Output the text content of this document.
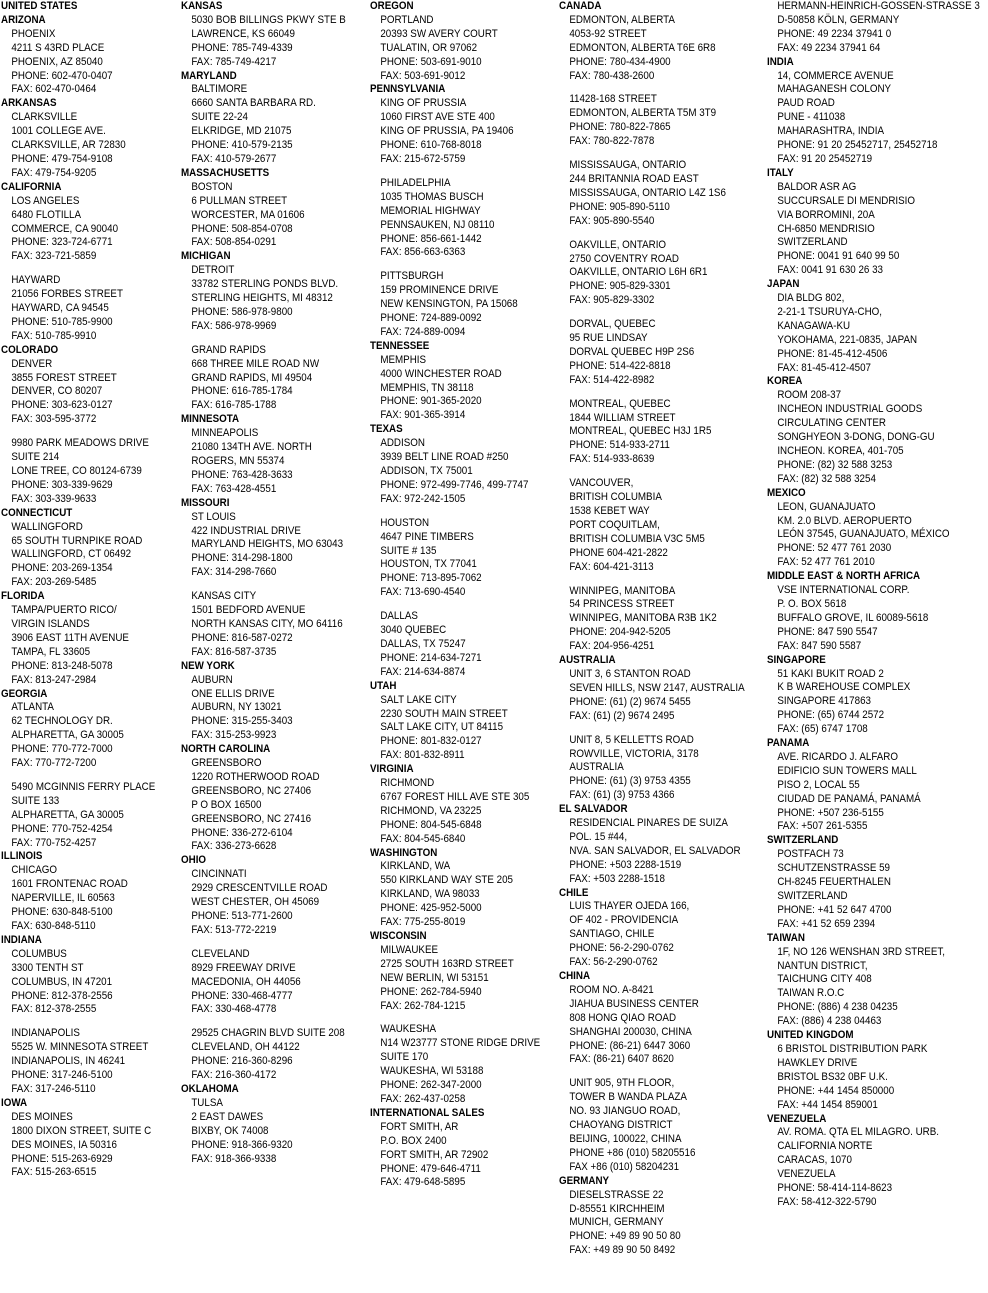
UNITED STATES
ARIZONA
PHOENIX
4211 S 43RD PLACE
PHOENIX, AZ 85040
PHONE: 602-470-0407
FAX: 602-470-0464
ARKANSAS
CLARKSVILLE
1001 COLLEGE AVE.
CLARKSVILLE, AR 72830
PHONE: 479-754-9108
FAX: 479-754-9205
CALIFORNIA
LOS ANGELES
6480 FLOTILLA
COMMERCE, CA 90040
PHONE: 323-724-6771
FAX: 323-721-5859
HAYWARD
21056 FORBES STREET
HAYWARD, CA 94545
PHONE: 510-785-9900
FAX: 510-785-9910
COLORADO
DENVER
3855 FOREST STREET
DENVER, CO 80207
PHONE: 303-623-0127
FAX: 303-595-3772
9980 PARK MEADOWS DRIVE
SUITE 214
LONE TREE, CO 80124-6739
PHONE: 303-339-9629
FAX: 303-339-9633
CONNECTICUT
WALLINGFORD
65 SOUTH TURNPIKE ROAD
WALLINGFORD, CT 06492
PHONE: 203-269-1354
FAX: 203-269-5485
FLORIDA
TAMPA/PUERTO RICO/
VIRGIN ISLANDS
3906 EAST 11TH AVENUE
TAMPA, FL 33605
PHONE: 813-248-5078
FAX: 813-247-2984
GEORGIA
ATLANTA
62 TECHNOLOGY DR.
ALPHARETTA, GA 30005
PHONE: 770-772-7000
FAX: 770-772-7200
5490 MCGINNIS FERRY PLACE
SUITE 133
ALPHARETTA, GA 30005
PHONE: 770-752-4254
FAX: 770-752-4257
ILLINOIS
CHICAGO
1601 FRONTENAC ROAD
NAPERVILLE, IL 60563
PHONE: 630-848-5100
FAX: 630-848-5110
INDIANA
COLUMBUS
3300 TENTH ST
COLUMBUS, IN 47201
PHONE: 812-378-2556
FAX: 812-378-2555
INDIANAPOLIS
5525 W. MINNESOTA STREET
INDIANAPOLIS, IN 46241
PHONE: 317-246-5100
FAX: 317-246-5110
IOWA
DES MOINES
1800 DIXON STREET, SUITE C
DES MOINES, IA 50316
PHONE: 515-263-6929
FAX: 515-263-6515
KANSAS
5030 BOB BILLINGS PKWY STE B
LAWRENCE, KS 66049
PHONE: 785-749-4339
FAX: 785-749-4217
MARYLAND
BALTIMORE
6660 SANTA BARBARA RD.
SUITE 22-24
ELKRIDGE, MD 21075
PHONE: 410-579-2135
FAX: 410-579-2677
MASSACHUSETTS
BOSTON
6 PULLMAN STREET
WORCESTER, MA 01606
PHONE: 508-854-0708
FAX: 508-854-0291
MICHIGAN
DETROIT
33782 STERLING PONDS BLVD.
STERLING HEIGHTS, MI 48312
PHONE: 586-978-9800
FAX: 586-978-9969
GRAND RAPIDS
668 THREE MILE ROAD NW
GRAND RAPIDS, MI 49504
PHONE: 616-785-1784
FAX: 616-785-1788
MINNESOTA
MINNEAPOLIS
21080 134TH AVE. NORTH
ROGERS, MN 55374
PHONE: 763-428-3633
FAX: 763-428-4551
MISSOURI
ST LOUIS
422 INDUSTRIAL DRIVE
MARYLAND HEIGHTS, MO 63043
PHONE: 314-298-1800
FAX: 314-298-7660
KANSAS CITY
1501 BEDFORD AVENUE
NORTH KANSAS CITY, MO 64116
PHONE: 816-587-0272
FAX: 816-587-3735
NEW YORK
AUBURN
ONE ELLIS DRIVE
AUBURN, NY 13021
PHONE: 315-255-3403
FAX: 315-253-9923
NORTH CAROLINA
GREENSBORO
1220 ROTHERWOOD ROAD
GREENSBORO, NC 27406
P O BOX 16500
GREENSBORO, NC 27416
PHONE: 336-272-6104
FAX: 336-273-6628
OHIO
CINCINNATI
2929 CRESCENTVILLE ROAD
WEST CHESTER, OH 45069
PHONE: 513-771-2600
FAX: 513-772-2219
CLEVELAND
8929 FREEWAY DRIVE
MACEDONIA, OH 44056
PHONE: 330-468-4777
FAX: 330-468-4778
29525 CHAGRIN BLVD SUITE 208
CLEVELAND, OH 44122
PHONE: 216-360-8296
FAX: 216-360-4172
OKLAHOMA
TULSA
2 EAST DAWES
BIXBY, OK 74008
PHONE: 918-366-9320
FAX: 918-366-9338
OREGON
PORTLAND
20393 SW AVERY COURT
TUALATIN, OR 97062
PHONE: 503-691-9010
FAX: 503-691-9012
PENNSYLVANIA
KING OF PRUSSIA
1060 FIRST AVE STE 400
KING OF PRUSSIA, PA 19406
PHONE: 610-768-8018
FAX: 215-672-5759
PHILADELPHIA
1035 THOMAS BUSCH
MEMORIAL HIGHWAY
PENNSAUKEN, NJ 08110
PHONE: 856-661-1442
FAX: 856-663-6363
PITTSBURGH
159 PROMINENCE DRIVE
NEW KENSINGTON, PA 15068
PHONE: 724-889-0092
FAX: 724-889-0094
TENNESSEE
MEMPHIS
4000 WINCHESTER ROAD
MEMPHIS, TN 38118
PHONE: 901-365-2020
FAX: 901-365-3914
TEXAS
ADDISON
3939 BELT LINE ROAD #250
ADDISON, TX 75001
PHONE: 972-499-7746, 499-7747
FAX: 972-242-1505
HOUSTON
4647 PINE TIMBERS
SUITE # 135
HOUSTON, TX 77041
PHONE: 713-895-7062
FAX: 713-690-4540
DALLAS
3040 QUEBEC
DALLAS, TX 75247
PHONE: 214-634-7271
FAX: 214-634-8874
UTAH
SALT LAKE CITY
2230 SOUTH MAIN STREET
SALT LAKE CITY, UT 84115
PHONE: 801-832-0127
FAX: 801-832-8911
VIRGINIA
RICHMOND
6767 FOREST HILL AVE STE 305
RICHMOND, VA 23225
PHONE: 804-545-6848
FAX: 804-545-6840
WASHINGTON
KIRKLAND, WA
550 KIRKLAND WAY STE 205
KIRKLAND, WA 98033
PHONE: 425-952-5000
FAX: 775-255-8019
WISCONSIN
MILWAUKEE
2725 SOUTH 163RD STREET
NEW BERLIN, WI 53151
PHONE: 262-784-5940
FAX: 262-784-1215
WAUKESHA
N14 W23777 STONE RIDGE DRIVE
SUITE 170
WAUKESHA, WI 53188
PHONE: 262-347-2000
FAX: 262-437-0258
INTERNATIONAL SALES
FORT SMITH, AR
P.O. BOX 2400
FORT SMITH, AR 72902
PHONE: 479-646-4711
FAX: 479-648-5895
CANADA
EDMONTON, ALBERTA
4053-92 STREET
EDMONTON, ALBERTA T6E 6R8
PHONE: 780-434-4900
FAX: 780-438-2600
11428-168 STREET
EDMONTON, ALBERTA T5M 3T9
PHONE: 780-822-7865
FAX: 780-822-7878
MISSISSAUGA, ONTARIO
244 BRITANNIA ROAD EAST
MISSISSAUGA, ONTARIO L4Z 1S6
PHONE: 905-890-5110
FAX: 905-890-5540
OAKVILLE, ONTARIO
2750 COVENTRY ROAD
OAKVILLE, ONTARIO L6H 6R1
PHONE: 905-829-3301
FAX: 905-829-3302
DORVAL, QUEBEC
95 RUE LINDSAY
DORVAL QUEBEC H9P 2S6
PHONE: 514-422-8818
FAX: 514-422-8982
MONTREAL, QUEBEC
1844 WILLIAM STREET
MONTREAL, QUEBEC H3J 1R5
PHONE: 514-933-2711
FAX: 514-933-8639
VANCOUVER,
BRITISH COLUMBIA
1538 KEBET WAY
PORT COQUITLAM,
BRITISH COLUMBIA V3C 5M5
PHONE 604-421-2822
FAX: 604-421-3113
WINNIPEG, MANITOBA
54 PRINCESS STREET
WINNIPEG, MANITOBA R3B 1K2
PHONE: 204-942-5205
FAX: 204-956-4251
AUSTRALIA
UNIT 3, 6 STANTON ROAD
SEVEN HILLS, NSW 2147, AUSTRALIA
PHONE: (61) (2) 9674 5455
FAX: (61) (2) 9674 2495
UNIT 8, 5 KELLETTS ROAD
ROWVILLE, VICTORIA, 3178
AUSTRALIA
PHONE: (61) (3) 9753 4355
FAX: (61) (3) 9753 4366
EL SALVADOR
RESIDENCIAL PINARES DE SUIZA
POL. 15 #44,
NVA. SAN SALVADOR, EL SALVADOR
PHONE: +503 2288-1519
FAX: +503 2288-1518
CHILE
LUIS THAYER OJEDA 166,
OF 402 - PROVIDENCIA
SANTIAGO, CHILE
PHONE: 56-2-290-0762
FAX: 56-2-290-0762
CHINA
ROOM NO. A-8421
JIAHUA BUSINESS CENTER
808 HONG QIAO ROAD
SHANGHAI 200030, CHINA
PHONE: (86-21) 6447 3060
FAX: (86-21) 6407 8620
UNIT 905, 9TH FLOOR,
TOWER B WANDA PLAZA
NO. 93 JIANGUO ROAD,
CHAOYANG DISTRICT
BEIJING, 100022, CHINA
PHONE +86 (010) 58205516
FAX +86 (010) 58204231
GERMANY
DIESELSTRASSE 22
D-85551 KIRCHHEIM
MUNICH, GERMANY
PHONE: +49 89 90 50 80
FAX: +49 89 90 50 8492
HERMANN-HEINRICH-GOSSEN-STRASSE 3
D-50858 KÖLN, GERMANY
PHONE: 49 2234 37941 0
FAX: 49 2234 37941 64
INDIA
14, COMMERCE AVENUE
MAHAGANESH COLONY
PAUD ROAD
PUNE - 411038
MAHARASHTRA, INDIA
PHONE: 91 20 25452717, 25452718
FAX: 91 20 25452719
ITALY
BALDOR ASR AG
SUCCURSALE DI MENDRISIO
VIA BORROMINI, 20A
CH-6850 MENDRISIO
SWITZERLAND
PHONE: 0041 91 640 99 50
FAX: 0041 91 630 26 33
JAPAN
DIA BLDG 802,
2-21-1 TSURUYA-CHO,
KANAGAWA-KU
YOKOHAMA, 221-0835, JAPAN
PHONE: 81-45-412-4506
FAX: 81-45-412-4507
KOREA
ROOM 208-37
INCHEON INDUSTRIAL GOODS
CIRCULATING CENTER
SONGHYEON 3-DONG, DONG-GU
INCHEON. KOREA, 401-705
PHONE: (82) 32 588 3253
FAX: (82) 32 588 3254
MEXICO
LEON, GUANAJUATO
KM. 2.0 BLVD. AEROPUERTO
LEÓN 37545, GUANAJUATO, MÉXICO
PHONE: 52 477 761 2030
FAX: 52 477 761 2010
MIDDLE EAST & NORTH AFRICA
VSE INTERNATIONAL CORP.
P. O. BOX 5618
BUFFALO GROVE, IL 60089-5618
PHONE: 847 590 5547
FAX: 847 590 5587
SINGAPORE
51 KAKI BUKIT ROAD 2
K B WAREHOUSE COMPLEX
SINGAPORE 417863
PHONE: (65) 6744 2572
FAX: (65) 6747 1708
PANAMA
AVE. RICARDO J. ALFARO
EDIFICIO SUN TOWERS MALL
PISO 2, LOCAL 55
CIUDAD DE PANAMÁ, PANAMÁ
PHONE: +507 236-5155
FAX: +507 261-5355
SWITZERLAND
POSTFACH 73
SCHUTZENSTRASSE 59
CH-8245 FEUERTHALEN
SWITZERLAND
PHONE: +41 52 647 4700
FAX: +41 52 659 2394
TAIWAN
1F, NO 126 WENSHAN 3RD STREET,
NANTUN DISTRICT,
TAICHUNG CITY 408
TAIWAN R.O.C
PHONE: (886) 4 238 04235
FAX: (886) 4 238 04463
UNITED KINGDOM
6 BRISTOL DISTRIBUTION PARK
HAWKLEY DRIVE
BRISTOL BS32 0BF U.K.
PHONE: +44 1454 850000
FAX: +44 1454 859001
VENEZUELA
AV. ROMA. QTA EL MILAGRO. URB.
CALIFORNIA NORTE
CARACAS, 1070
VENEZUELA
PHONE: 58-414-114-8623
FAX: 58-412-322-5790
